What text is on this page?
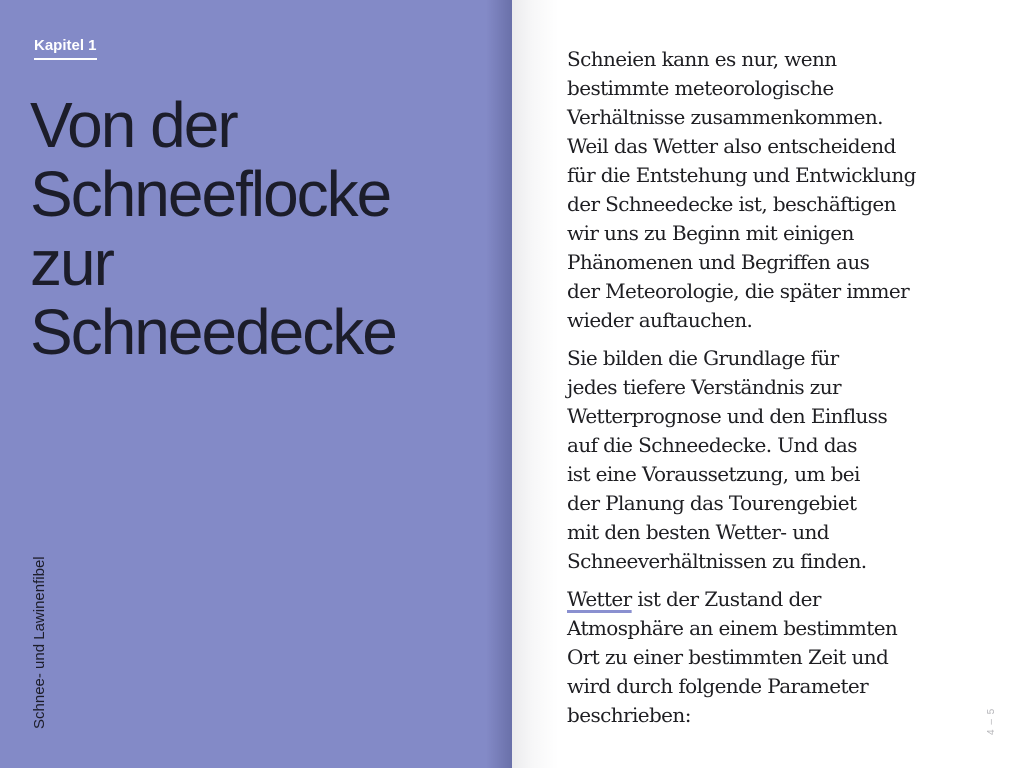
Kapitel 1
Von der
Schneeflocke
zur
Schneedecke
Schnee- und Lawinenfibel

Schneien kann es nur, wenn
bestimmte meteorologische
Verhältnisse zusammenkommen.
Weil das Wetter also entscheidend
für die Entstehung und Entwicklung
der Schneedecke ist, beschäftigen
wir uns zu Beginn mit einigen
Phänomenen und Begriffen aus
der Meteorologie, die später immer
wieder auftauchen.

Sie bilden die Grundlage für
jedes tiefere Verständnis zur
Wetterprognose und den Einfluss
auf die Schneedecke. Und das
ist eine Voraussetzung, um bei
der Planung das Tourengebiet
mit den besten Wetter- und
Schneeverhältnissen zu finden.

Wetter ist der Zustand der
Atmosphäre an einem bestimmten
Ort zu einer bestimmten Zeit und
wird durch folgende Parameter
beschrieben:	4 – 5
